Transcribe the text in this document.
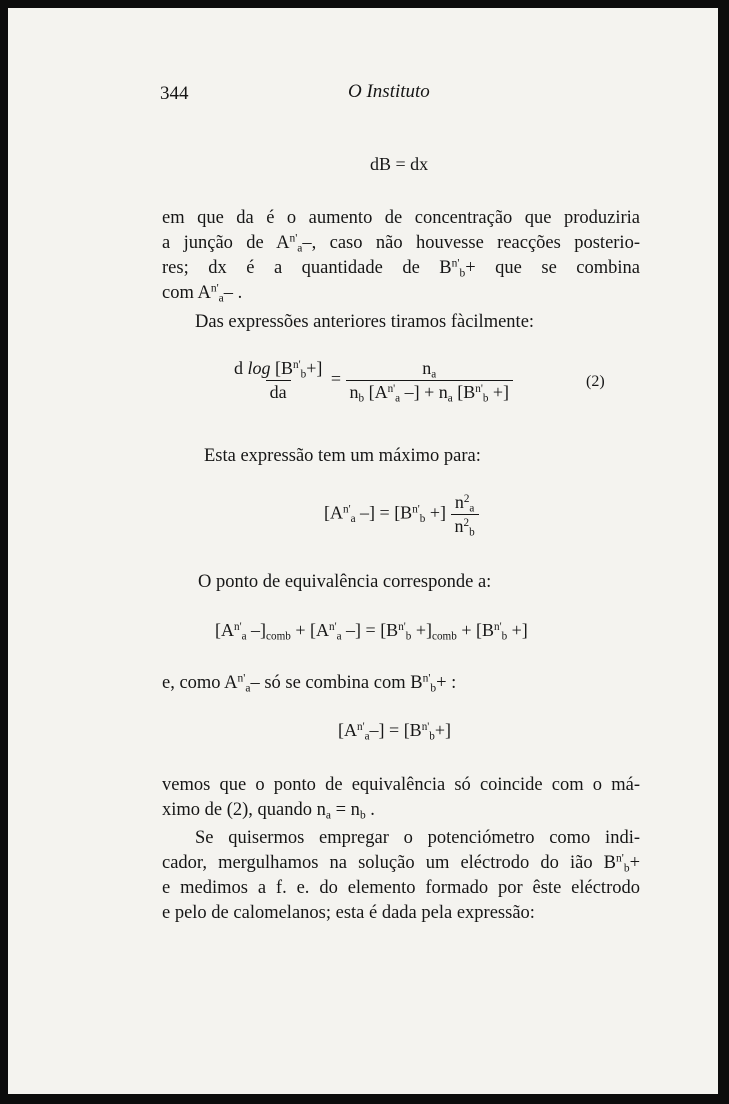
344	O Instituto
dB = dx
em que da é o aumento de concentração que produziria
a junção de $A^{n'}_a-$, caso não houvesse reacções posterio-
res; dx é a quantidade de $B^{n'}_b+$ que se combina
com $A^{n'}_a-$ .
Das expressões anteriores tiramos fàcilmente:
$\frac{d \log [B^{n'}_b+]}{da} = \frac{n_a}{n_b [A^{n'}_a -] + n_a [B^{n'}_b +]}$	(2)
Esta expressão tem um máximo para:
[$A^{n'}_a$ –] = [$B^{n'}_b$ +] $\frac{n^2_a}{n^2_b}$
O ponto de equivalência corresponde a:
[$A^{n'}_a$ $-]_{comb} + [A^{n'}_a$ –] = $[B^{n'}_b +]_{comb} + [B^{n'}_b$ +]
e, como $A^{n'}_a-$ só se combina com $B^{n'}_b+$ :
$[A^{n'}_a-] = [B^{n'}_b+]$
vemos que o ponto de equivalência só coincide com o má-
ximo de (2), quando $n_a = n_b$ .
Se quisermos empregar o potenciómetro como indi-
cador, mergulhamos na solução um eléctrodo do ião $B^{n'}_b+$
e medimos a f. e. do elemento formado por êste eléctrodo
e pelo de calomelanos; esta é dada pela expressão:
